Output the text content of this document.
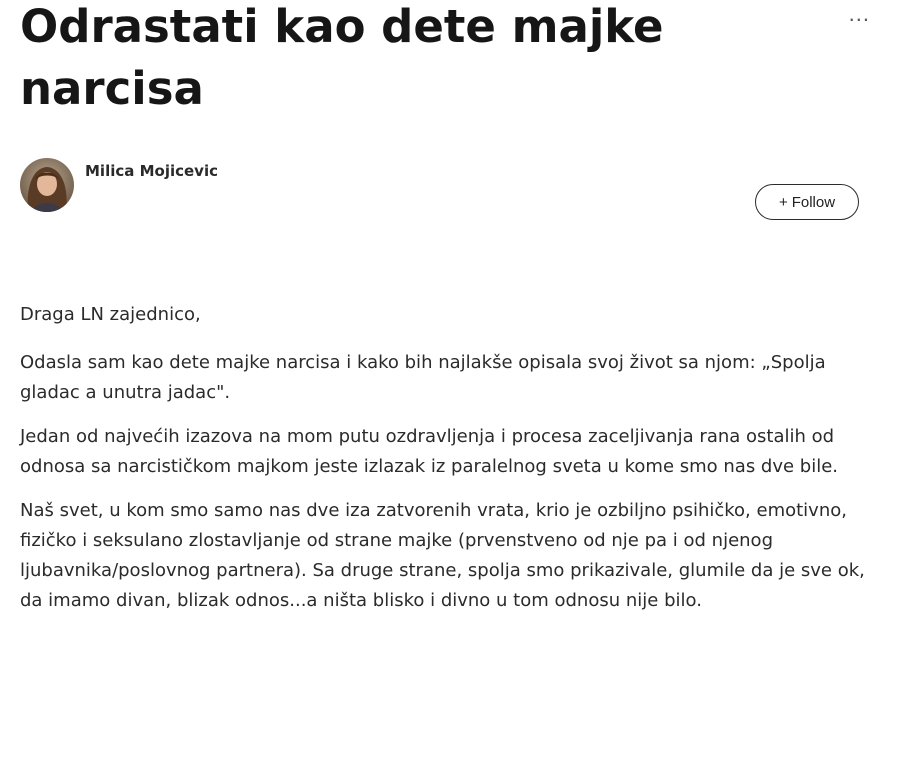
...
Odrastati kao dete majke narcisa
Milica Mojicevic
+ Follow

Draga LN zajednico,

Odasla sam kao dete majke narcisa i kako bih najlakše opisala svoj život sa njom: „Spolja gladac a unutra jadac".

Jedan od najvećih izazova na mom putu ozdravljenja i procesa zaceljivanja rana ostalih od odnosa sa narcističkom majkom jeste izlazak iz paralelnog sveta u kome smo nas dve bile.

Naš svet, u kom smo samo nas dve iza zatvorenih vrata, krio je ozbiljno psihičko, emotivno, fizičko i seksulano zlostavljanje od strane majke (prvenstveno od nje pa i od njenog ljubavnika/poslovnog partnera). Sa druge strane, spolja smo prikazivale, glumile da je sve ok, da imamo divan, blizak odnos...a ništa blisko i divno u tom odnosu nije bilo.
